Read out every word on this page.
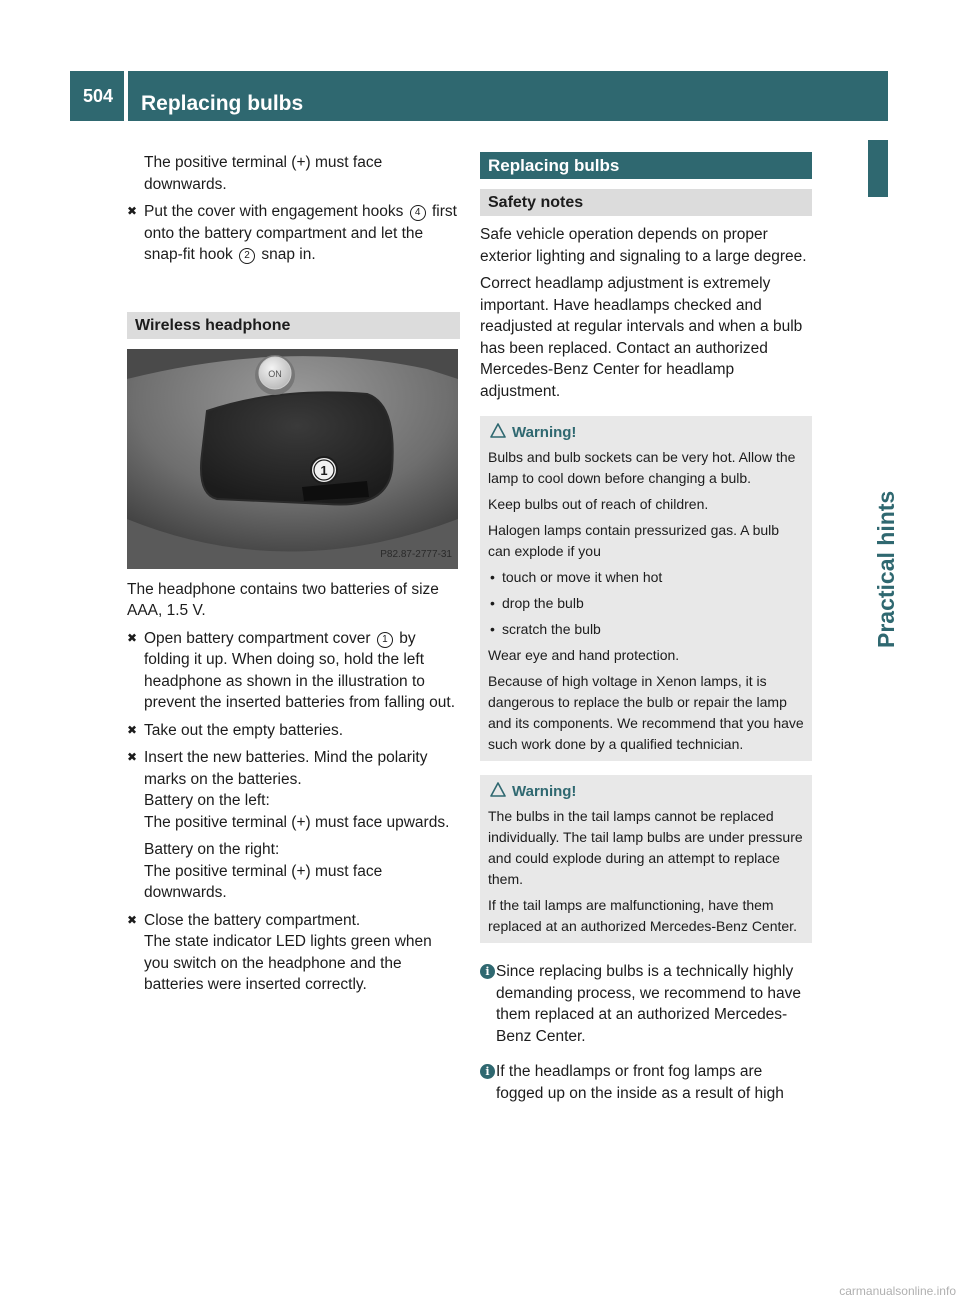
504	Replacing bulbs
Practical hints
The positive terminal (+) must face downwards.
✖ Put the cover with engagement hooks 4 first onto the battery compartment and let the snap-fit hook 2 snap in.
Wireless headphone
ON
1
P82.87-2777-31
The headphone contains two batteries of size AAA, 1.5 V.
✖ Open battery compartment cover 1 by folding it up. When doing so, hold the left headphone as shown in the illustration to prevent the inserted batteries from falling out.
✖ Take out the empty batteries.
✖ Insert the new batteries. Mind the polarity marks on the batteries.
Battery on the left:
The positive terminal (+) must face upwards.
Battery on the right:
The positive terminal (+) must face downwards.
✖ Close the battery compartment.
The state indicator LED lights green when you switch on the headphone and the batteries were inserted correctly.
Replacing bulbs
Safety notes
Safe vehicle operation depends on proper exterior lighting and signaling to a large degree.
Correct headlamp adjustment is extremely important. Have headlamps checked and readjusted at regular intervals and when a bulb has been replaced. Contact an authorized Mercedes-Benz Center for headlamp adjustment.
Warning!
Bulbs and bulb sockets can be very hot. Allow the lamp to cool down before changing a bulb.
Keep bulbs out of reach of children.
Halogen lamps contain pressurized gas. A bulb can explode if you
• touch or move it when hot
• drop the bulb
• scratch the bulb
Wear eye and hand protection.
Because of high voltage in Xenon lamps, it is dangerous to replace the bulb or repair the lamp and its components. We recommend that you have such work done by a qualified technician.
Warning!
The bulbs in the tail lamps cannot be replaced individually. The tail lamp bulbs are under pressure and could explode during an attempt to replace them.
If the tail lamps are malfunctioning, have them replaced at an authorized Mercedes-Benz Center.
i Since replacing bulbs is a technically highly demanding process, we recommend to have them replaced at an authorized Mercedes-Benz Center.
i If the headlamps or front fog lamps are fogged up on the inside as a result of high
carmanualsonline.info
